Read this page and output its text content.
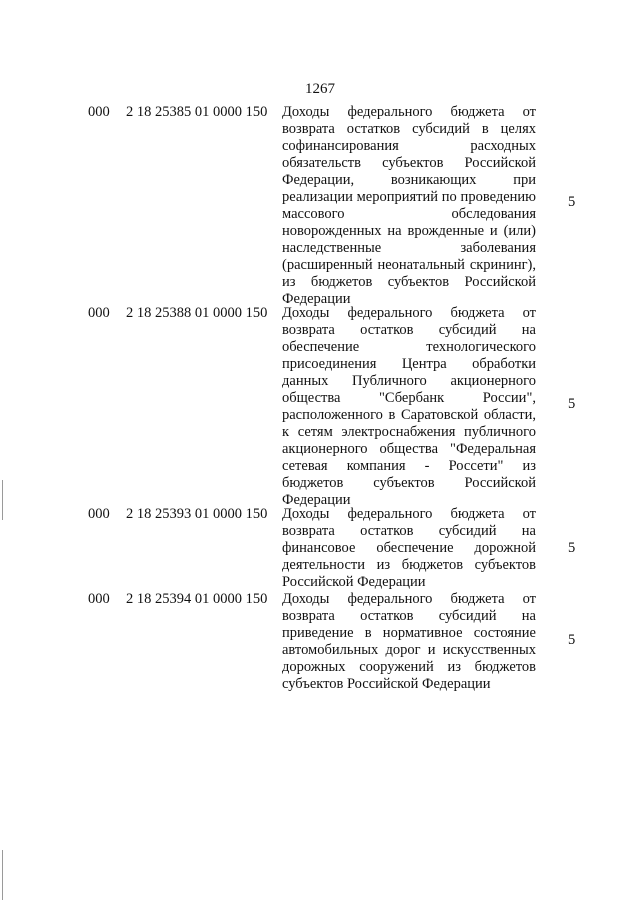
1267
000 2 18 25385 01 0000 150 Доходы федерального бюджета от
возврата остатков субсидий в целях
софинансирования расходных
обязательств субъектов Российской
Федерации, возникающих при
реализации мероприятий по проведению
массового обследования
новорожденных на врожденные и (или)
наследственные заболевания
(расширенный неонатальный скрининг),
из бюджетов субъектов Российской
Федерации
5
000 2 18 25388 01 0000 150 Доходы федерального бюджета от
возврата остатков субсидий на
обеспечение технологического
присоединения Центра обработки
данных Публичного акционерного
общества "Сбербанк России",
расположенного в Саратовской области,
к сетям электроснабжения публичного
акционерного общества "Федеральная
сетевая компания - Россети" из
бюджетов субъектов Российской
Федерации
5
000 2 18 25393 01 0000 150 Доходы федерального бюджета от
возврата остатков субсидий на
финансовое обеспечение дорожной
деятельности из бюджетов субъектов
Российской Федерации
5
000 2 18 25394 01 0000 150 Доходы федерального бюджета от
возврата остатков субсидий на
приведение в нормативное состояние
автомобильных дорог и искусственных
дорожных сооружений из бюджетов
субъектов Российской Федерации
5
